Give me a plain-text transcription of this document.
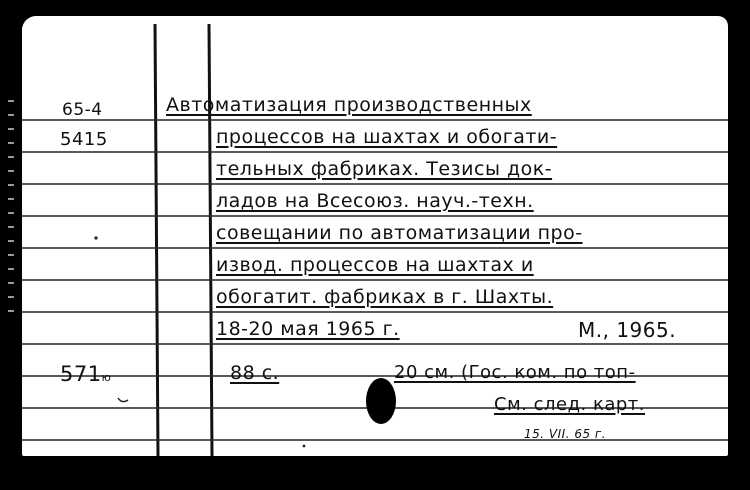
65-4
5415
571ю
Автоматизация производственных
процессов на шахтах и обогати-
тельных фабриках. Тезисы док-
ладов на Всесоюз. науч.-техн.
совещании по автоматизации про-
извод. процессов на шахтах и
обогатит. фабриках в г. Шахты.
18-20 мая 1965 г.	М., 1965.
88 с.	20 см. (Гос. ком. по топ-
См. след. карт.
15. VII. 65 г.
